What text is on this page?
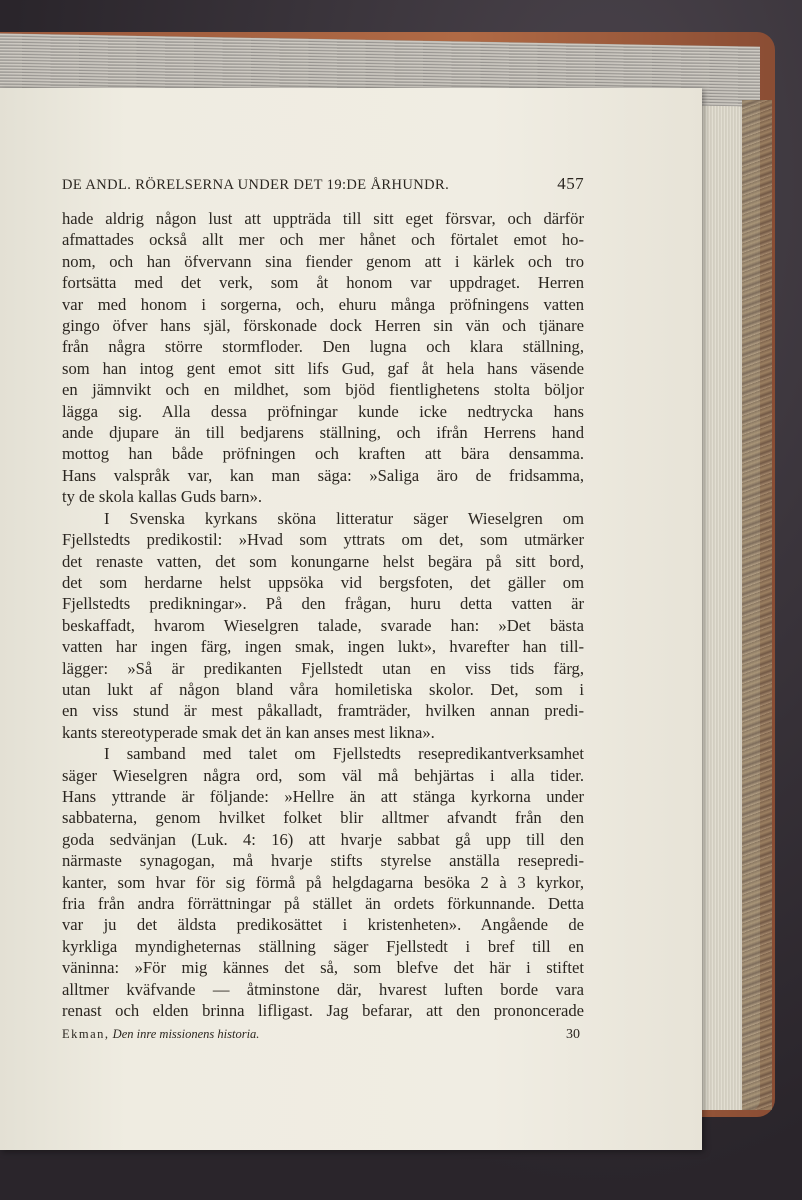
DE ANDL. RÖRELSERNA UNDER DET 19:DE ÅRHUNDR.	457
hade aldrig någon lust att uppträda till sitt eget försvar, och därför
afmattades också allt mer och mer hånet och förtalet emot ho-
nom, och han öfvervann sina fiender genom att i kärlek och tro
fortsätta med det verk, som åt honom var uppdraget. Herren
var med honom i sorgerna, och, ehuru många pröfningens vatten
gingo öfver hans själ, förskonade dock Herren sin vän och tjänare
från några större stormfloder. Den lugna och klara ställning,
som han intog gent emot sitt lifs Gud, gaf åt hela hans väsende
en jämnvikt och en mildhet, som bjöd fientlighetens stolta böljor
lägga sig. Alla dessa pröfningar kunde icke nedtrycka hans
ande djupare än till bedjarens ställning, och ifrån Herrens hand
mottog han både pröfningen och kraften att bära densamma.
Hans valspråk var, kan man säga: »Saliga äro de fridsamma,
ty de skola kallas Guds barn».
I Svenska kyrkans sköna litteratur säger Wieselgren om
Fjellstedts predikostil: »Hvad som yttrats om det, som utmärker
det renaste vatten, det som konungarne helst begära på sitt bord,
det som herdarne helst uppsöka vid bergsfoten, det gäller om
Fjellstedts predikningar». På den frågan, huru detta vatten är
beskaffadt, hvarom Wieselgren talade, svarade han: »Det bästa
vatten har ingen färg, ingen smak, ingen lukt», hvarefter han till-
lägger: »Så är predikanten Fjellstedt utan en viss tids färg,
utan lukt af någon bland våra homiletiska skolor. Det, som i
en viss stund är mest påkalladt, framträder, hvilken annan predi-
kants stereotyperade smak det än kan anses mest likna».
I samband med talet om Fjellstedts resepredikantverksamhet
säger Wieselgren några ord, som väl må behjärtas i alla tider.
Hans yttrande är följande: »Hellre än att stänga kyrkorna under
sabbaterna, genom hvilket folket blir alltmer afvandt från den
goda sedvänjan (Luk. 4: 16) att hvarje sabbat gå upp till den
närmaste synagogan, må hvarje stifts styrelse anställa resepredi-
kanter, som hvar för sig förmå på helgdagarna besöka 2 à 3 kyrkor,
fria från andra förrättningar på stället än ordets förkunnande. Detta
var ju det äldsta predikosättet i kristenheten». Angående de
kyrkliga myndigheternas ställning säger Fjellstedt i bref till en
väninna: »För mig kännes det så, som blefve det här i stiftet
alltmer kväfvande — åtminstone där, hvarest luften borde vara
renast och elden brinna lifligast. Jag befarar, att den prononcerade
Ekman, Den inre missionens historia.	30
